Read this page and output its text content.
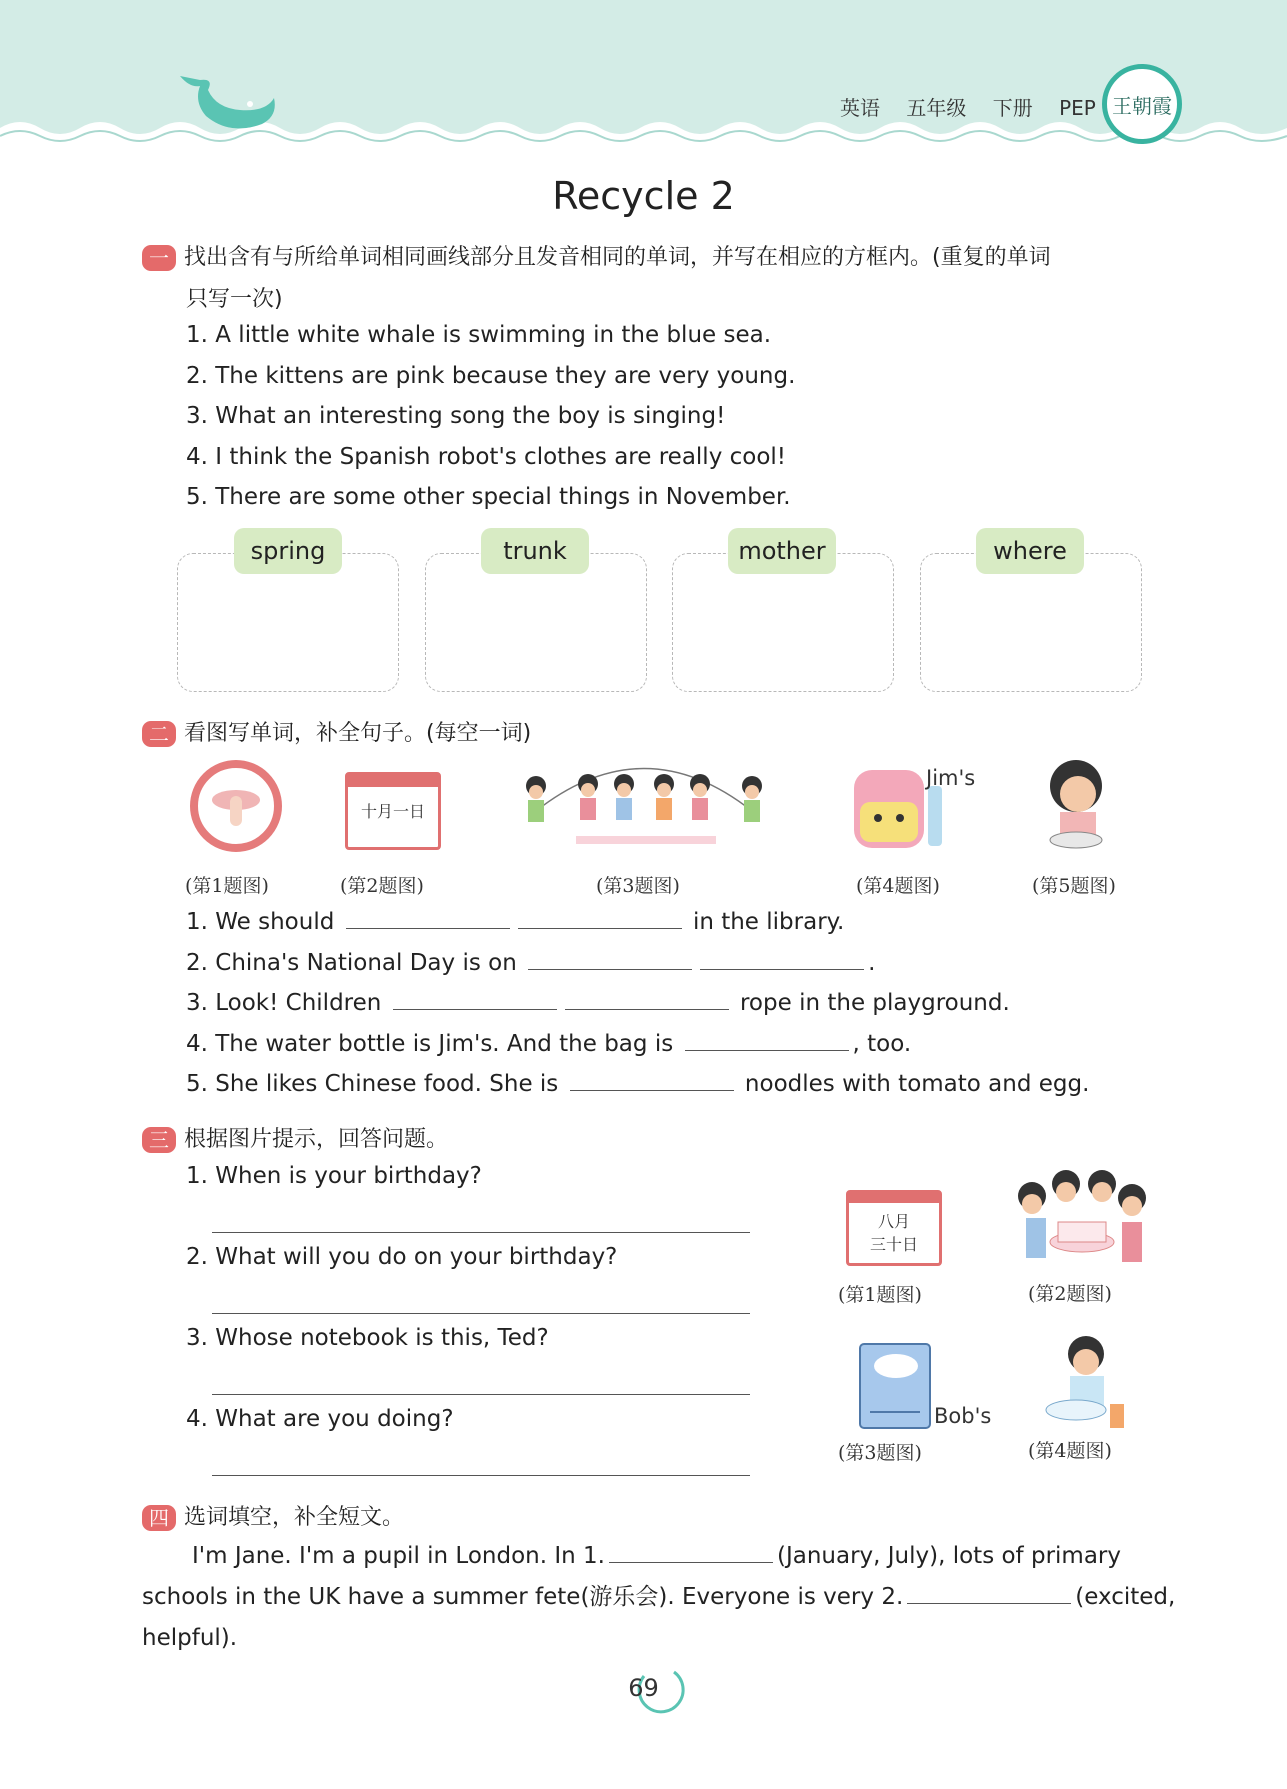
英语 五年级 下册 PEP 王朝霞
Recycle 2
一 找出含有与所给单词相同画线部分且发音相同的单词，并写在相应的方框内。(重复的单词
只写一次)
1. A little white whale is swimming in the blue sea.
2. The kittens are pink because they are very young.
3. What an interesting song the boy is singing!
4. I think the Spanish robot's clothes are really cool!
5. There are some other special things in November.
spring	trunk	mother	where
二 看图写单词，补全句子。(每空一词)
十月一日
Jim's
(第1题图)	(第2题图)	(第3题图)	(第4题图)	(第5题图)
1. We should	in the library.
2. China's National Day is on	.
3. Look! Children	rope in the playground.
4. The water bottle is Jim's. And the bag is	, too.
5. She likes Chinese food. She is	noodles with tomato and egg.
三 根据图片提示，回答问题。
1. When is your birthday?
2. What will you do on your birthday?
3. Whose notebook is this, Ted?
4. What are you doing?
八月
三十日
(第1题图)	(第2题图)
Bob's
(第3题图)	(第4题图)
四 选词填空，补全短文。
I'm Jane. I'm a pupil in London. In 1.	(January, July), lots of primary schools in the UK have a summer fete(游乐会). Everyone is very 2.	(excited, helpful).
69
